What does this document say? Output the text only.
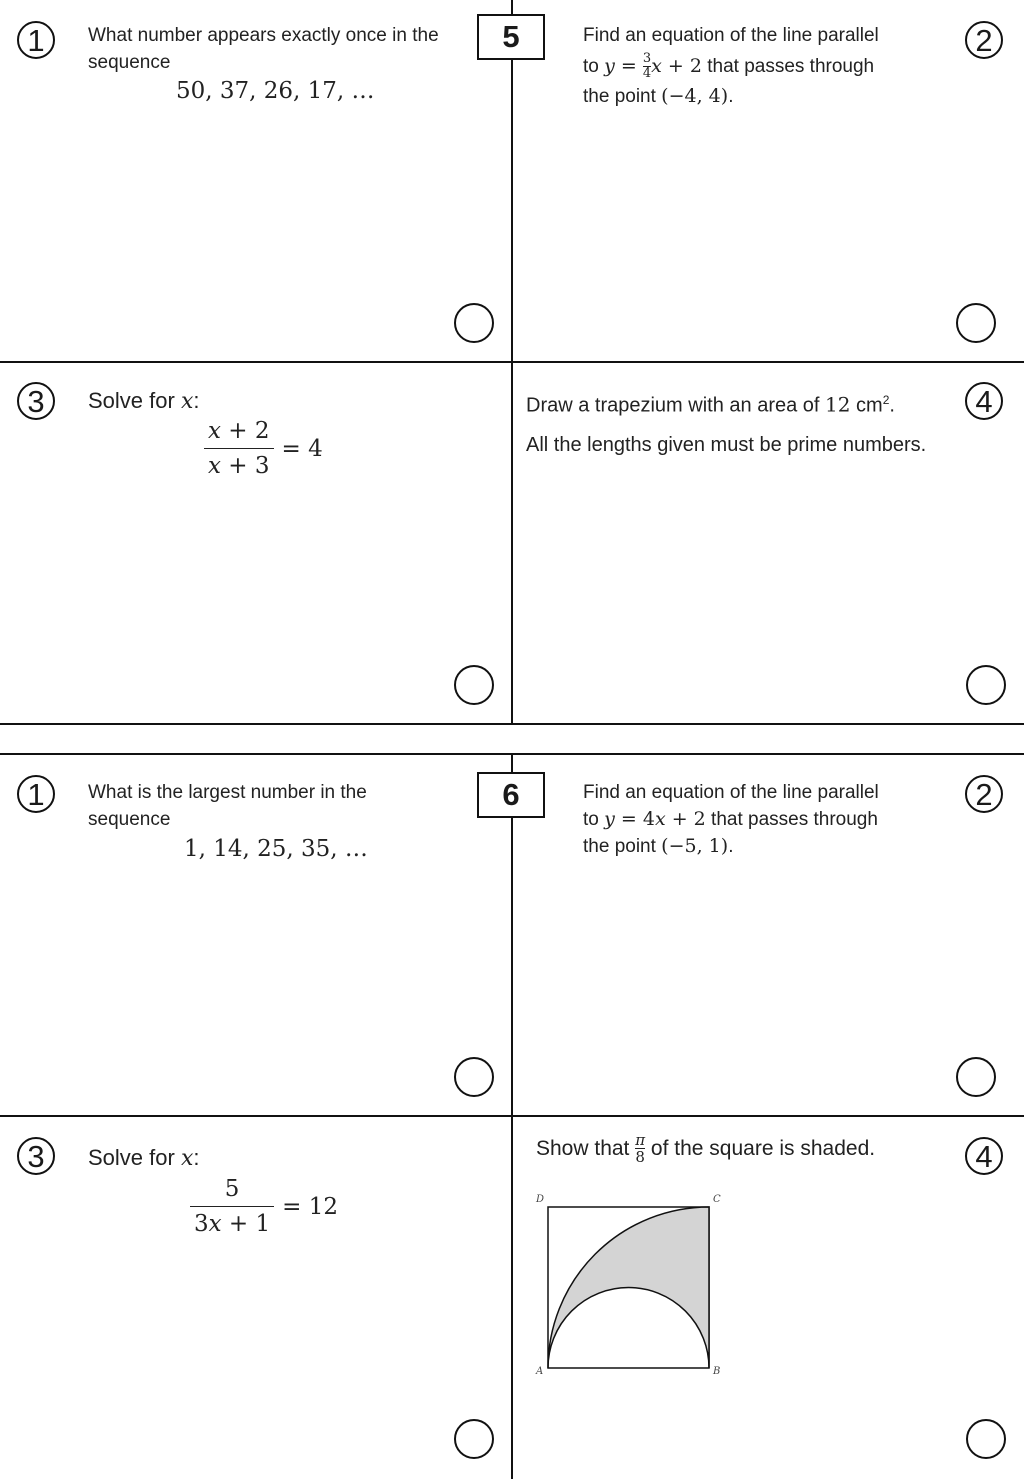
5
1	What number appears exactly once in the sequence
50, 37, 26, 17, …
2
Find an equation of the line parallel
to $y = \frac{3}{4}$ x + 2 that passes through
the point (−4, 4).
3	Solve for x:
$\frac{x + 2}{x + 3} = 4$
4
Draw a trapezium with an area of 12 $cm^2$.
All the lengths given must be prime numbers.
6
1	What is the largest number in the sequence
1, 14, 25, 35, …
2
Find an equation of the line parallel
to y = 4x + 2 that passes through
the point (−5, 1).
3	Solve for x:
$\frac{5}{3x + 1} = 12$
4
Show that $\frac{\pi}{8}$ of the square is shaded.
D	C
A	B
